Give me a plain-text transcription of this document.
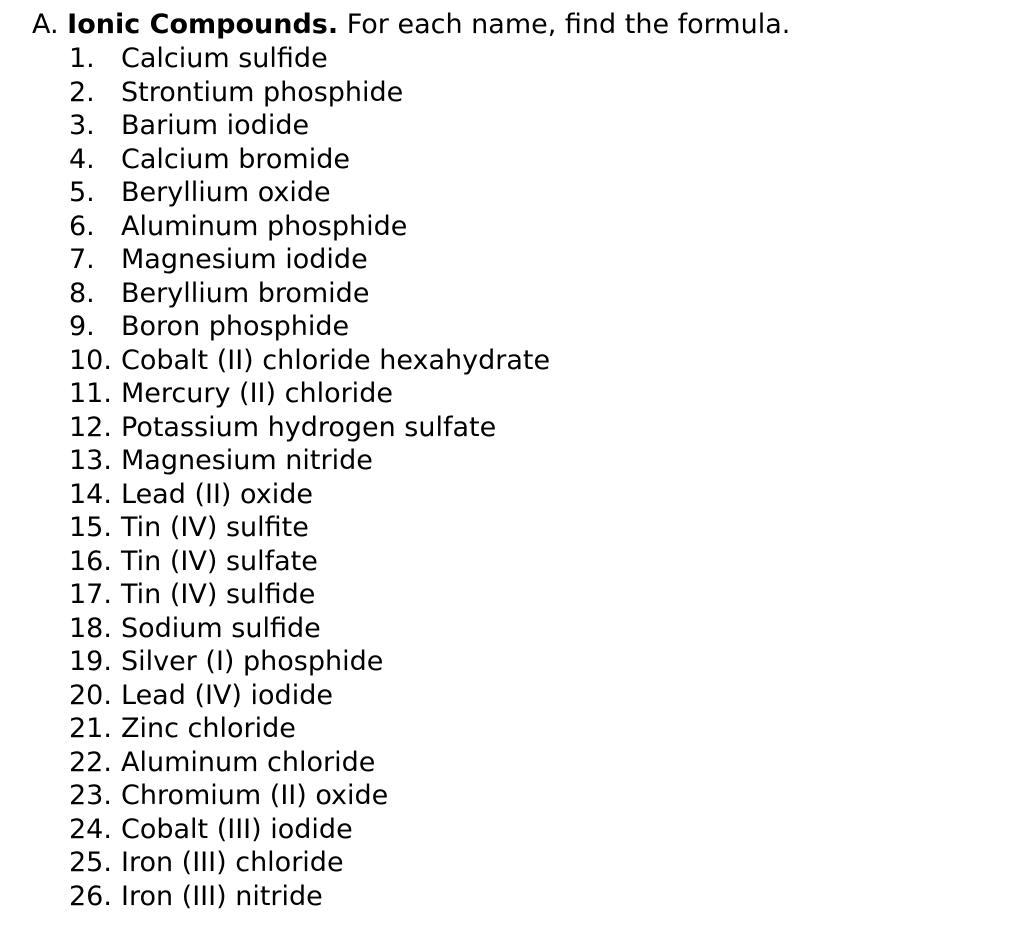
A. Ionic Compounds. For each name, find the formula.

1. Calcium sulfide
2. Strontium phosphide
3. Barium iodide
4. Calcium bromide
5. Beryllium oxide
6. Aluminum phosphide
7. Magnesium iodide
8. Beryllium bromide
9. Boron phosphide
10. Cobalt (II) chloride hexahydrate
11. Mercury (II) chloride
12. Potassium hydrogen sulfate
13. Magnesium nitride
14. Lead (II) oxide
15. Tin (IV) sulfite
16. Tin (IV) sulfate
17. Tin (IV) sulfide
18. Sodium sulfide
19. Silver (I) phosphide
20. Lead (IV) iodide
21. Zinc chloride
22. Aluminum chloride
23. Chromium (II) oxide
24. Cobalt (III) iodide
25. Iron (III) chloride
26. Iron (III) nitride
